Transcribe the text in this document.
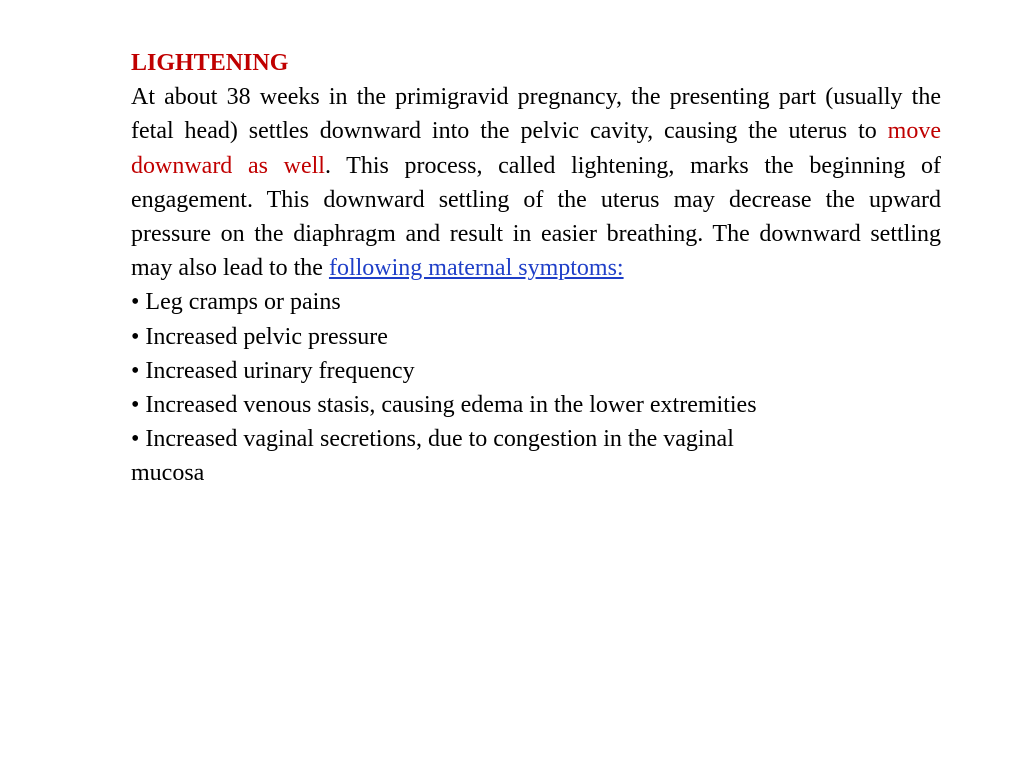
LIGHTENING

At about 38 weeks in the primigravid pregnancy, the presenting part (usually the fetal head) settles downward into the pelvic cavity, causing the uterus to move downward as well. This process, called lightening, marks the beginning of engagement. This downward settling of the uterus may decrease the upward pressure on the diaphragm and result in easier breathing. The downward settling may also lead to the following maternal symptoms:

• Leg cramps or pains
• Increased pelvic pressure
• Increased urinary frequency
• Increased venous stasis, causing edema in the lower extremities
• Increased vaginal secretions, due to congestion in the vaginal mucosa
